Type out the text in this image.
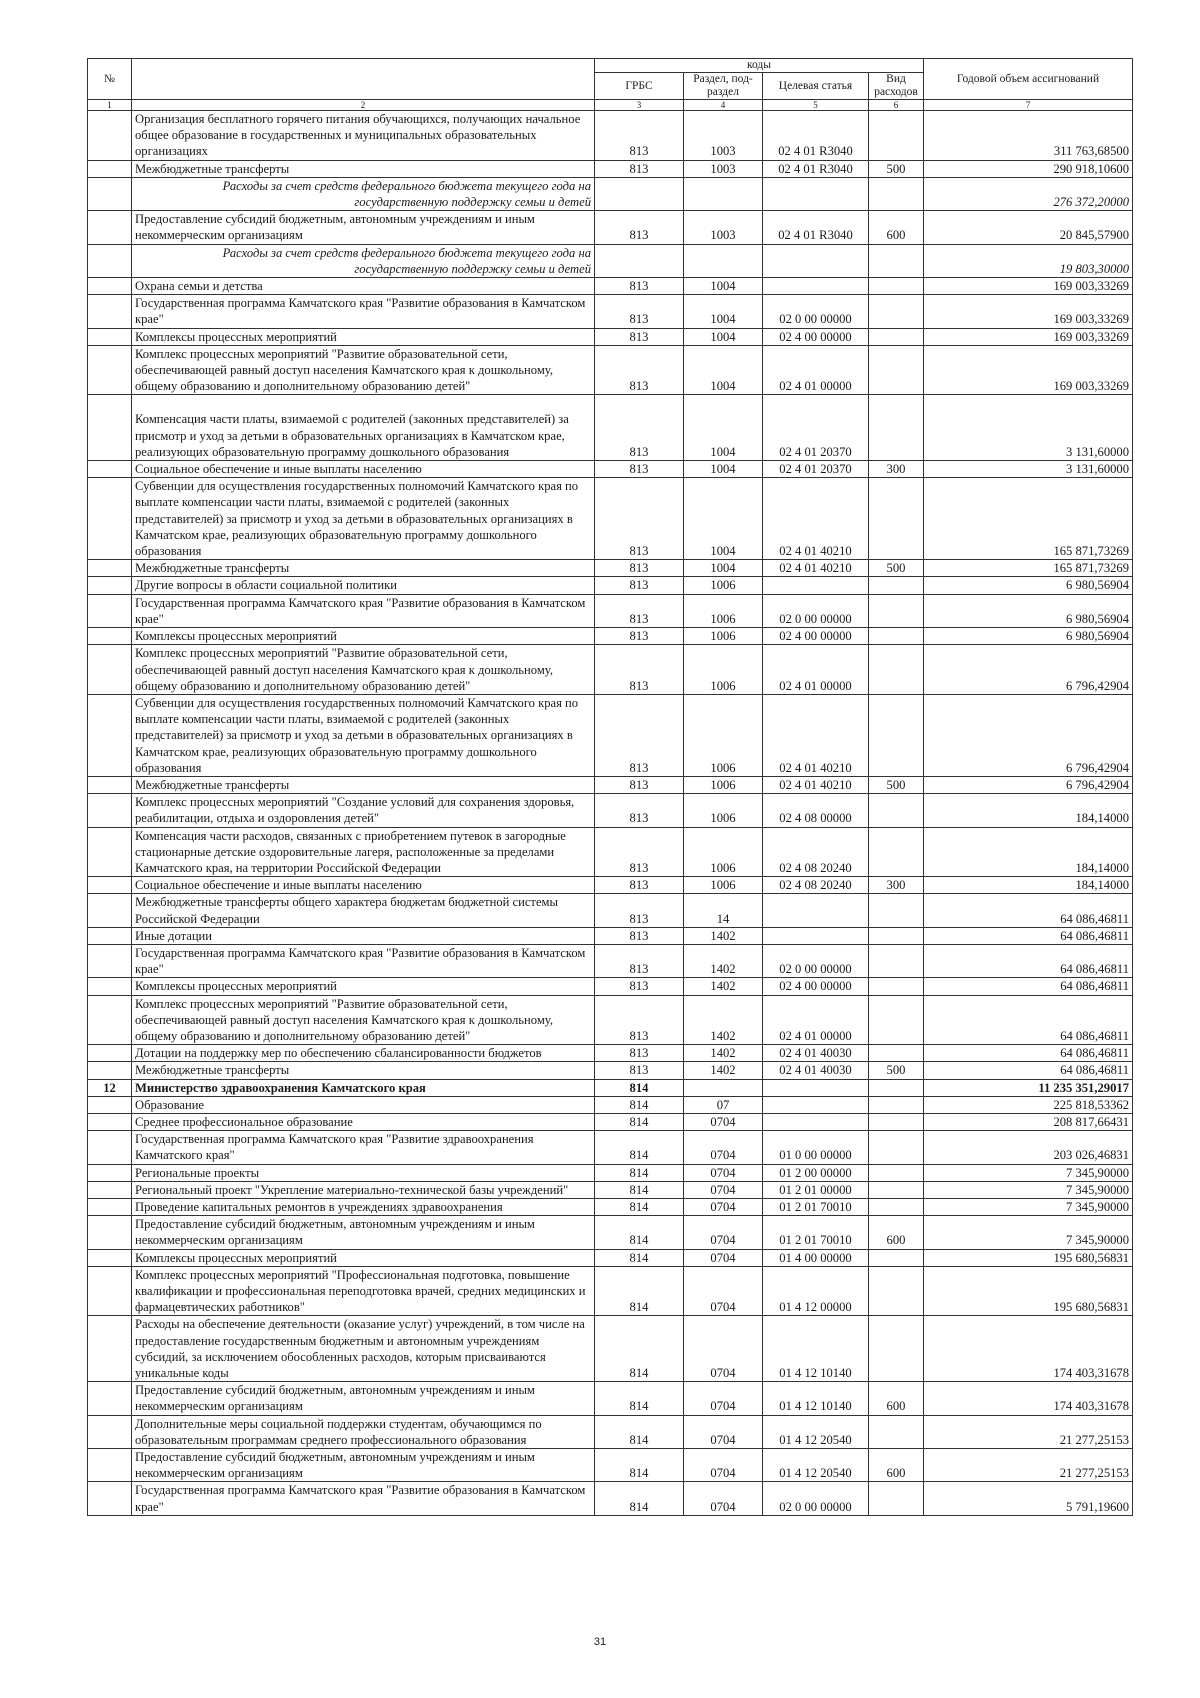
№		коды				Годовой объем ассигнований
		ГРБС	Раздел, под-раздел	Целевая статья	Вид расходов	
1	2	3	4	5	6	7
	Организация бесплатного горячего питания обучающихся, получающих начальное общее образование в государственных и муниципальных образовательных организациях	813	1003	02 4 01 R3040		311 763,68500
	Межбюджетные трансферты	813	1003	02 4 01 R3040	500	290 918,10600
	Расходы за счет средств федерального бюджета текущего года на государственную поддержку семьи и детей					276 372,20000
	Предоставление субсидий бюджетным, автономным учреждениям и иным некоммерческим организациям	813	1003	02 4 01 R3040	600	20 845,57900
	Расходы за счет средств федерального бюджета текущего года на государственную поддержку семьи и детей					19 803,30000
	Охрана семьи и детства	813	1004			169 003,33269
	Государственная программа Камчатского края "Развитие образования в Камчатском крае"	813	1004	02 0 00 00000		169 003,33269
	Комплексы процессных мероприятий	813	1004	02 4 00 00000		169 003,33269
	Комплекс процессных мероприятий "Развитие образовательной сети, обеспечивающей равный доступ населения Камчатского края к дошкольному, общему образованию и дополнительному образованию детей"	813	1004	02 4 01 00000		169 003,33269
	Компенсация части платы, взимаемой с родителей (законных представителей) за присмотр и уход за детьми в образовательных организациях в Камчатском крае, реализующих образовательную программу дошкольного образования	813	1004	02 4 01 20370		3 131,60000
	Социальное обеспечение и иные выплаты населению	813	1004	02 4 01 20370	300	3 131,60000
	Субвенции для осуществления государственных полномочий Камчатского края по выплате компенсации части платы, взимаемой с родителей (законных представителей) за присмотр и уход за детьми в образовательных организациях в Камчатском крае, реализующих образовательную программу дошкольного образования	813	1004	02 4 01 40210		165 871,73269
	Межбюджетные трансферты	813	1004	02 4 01 40210	500	165 871,73269
	Другие вопросы в области социальной политики	813	1006			6 980,56904
	Государственная программа Камчатского края "Развитие образования в Камчатском крае"	813	1006	02 0 00 00000		6 980,56904
	Комплексы процессных мероприятий	813	1006	02 4 00 00000		6 980,56904
	Комплекс процессных мероприятий "Развитие образовательной сети, обеспечивающей равный доступ населения Камчатского края к дошкольному, общему образованию и дополнительному образованию детей"	813	1006	02 4 01 00000		6 796,42904
	Субвенции для осуществления государственных полномочий Камчатского края по выплате компенсации части платы, взимаемой с родителей (законных представителей) за присмотр и уход за детьми в образовательных организациях в Камчатском крае, реализующих образовательную программу дошкольного образования	813	1006	02 4 01 40210		6 796,42904
	Межбюджетные трансферты	813	1006	02 4 01 40210	500	6 796,42904
	Комплекс процессных мероприятий "Создание условий для сохранения здоровья, реабилитации, отдыха и оздоровления детей"	813	1006	02 4 08 00000		184,14000
	Компенсация части расходов, связанных с приобретением путевок в загородные стационарные детские оздоровительные лагеря, расположенные за пределами Камчатского края, на территории Российской Федерации	813	1006	02 4 08 20240		184,14000
	Социальное обеспечение и иные выплаты населению	813	1006	02 4 08 20240	300	184,14000
	Межбюджетные трансферты общего характера бюджетам бюджетной системы Российской Федерации	813	14			64 086,46811
	Иные дотации	813	1402			64 086,46811
	Государственная программа Камчатского края "Развитие образования в Камчатском крае"	813	1402	02 0 00 00000		64 086,46811
	Комплексы процессных мероприятий	813	1402	02 4 00 00000		64 086,46811
	Комплекс процессных мероприятий "Развитие образовательной сети, обеспечивающей равный доступ населения Камчатского края к дошкольному, общему образованию и дополнительному образованию детей"	813	1402	02 4 01 00000		64 086,46811
	Дотации на поддержку мер по обеспечению сбалансированности бюджетов	813	1402	02 4 01 40030		64 086,46811
	Межбюджетные трансферты	813	1402	02 4 01 40030	500	64 086,46811
12	Министерство здравоохранения Камчатского края	814				11 235 351,29017
	Образование	814	07			225 818,53362
	Среднее профессиональное образование	814	0704			208 817,66431
	Государственная программа Камчатского края "Развитие здравоохранения Камчатского края"	814	0704	01 0 00 00000		203 026,46831
	Региональные проекты	814	0704	01 2 00 00000		7 345,90000
	Региональный проект "Укрепление материально-технической базы учреждений"	814	0704	01 2 01 00000		7 345,90000
	Проведение капитальных ремонтов в учреждениях здравоохранения	814	0704	01 2 01 70010		7 345,90000
	Предоставление субсидий бюджетным, автономным учреждениям и иным некоммерческим организациям	814	0704	01 2 01 70010	600	7 345,90000
	Комплексы процессных мероприятий	814	0704	01 4 00 00000		195 680,56831
	Комплекс процессных мероприятий "Профессиональная подготовка, повышение квалификации и профессиональная переподготовка врачей, средних медицинских и фармацевтических работников"	814	0704	01 4 12 00000		195 680,56831
	Расходы на обеспечение деятельности (оказание услуг) учреждений, в том числе на предоставление государственным бюджетным и автономным учреждениям субсидий, за исключением обособленных расходов, которым присваиваются уникальные коды	814	0704	01 4 12 10140		174 403,31678
	Предоставление субсидий бюджетным, автономным учреждениям и иным некоммерческим организациям	814	0704	01 4 12 10140	600	174 403,31678
	Дополнительные меры социальной поддержки студентам, обучающимся по образовательным программам среднего профессионального образования	814	0704	01 4 12 20540		21 277,25153
	Предоставление субсидий бюджетным, автономным учреждениям и иным некоммерческим организациям	814	0704	01 4 12 20540	600	21 277,25153
	Государственная программа Камчатского края "Развитие образования в Камчатском крае"	814	0704	02 0 00 00000		5 791,19600
31
